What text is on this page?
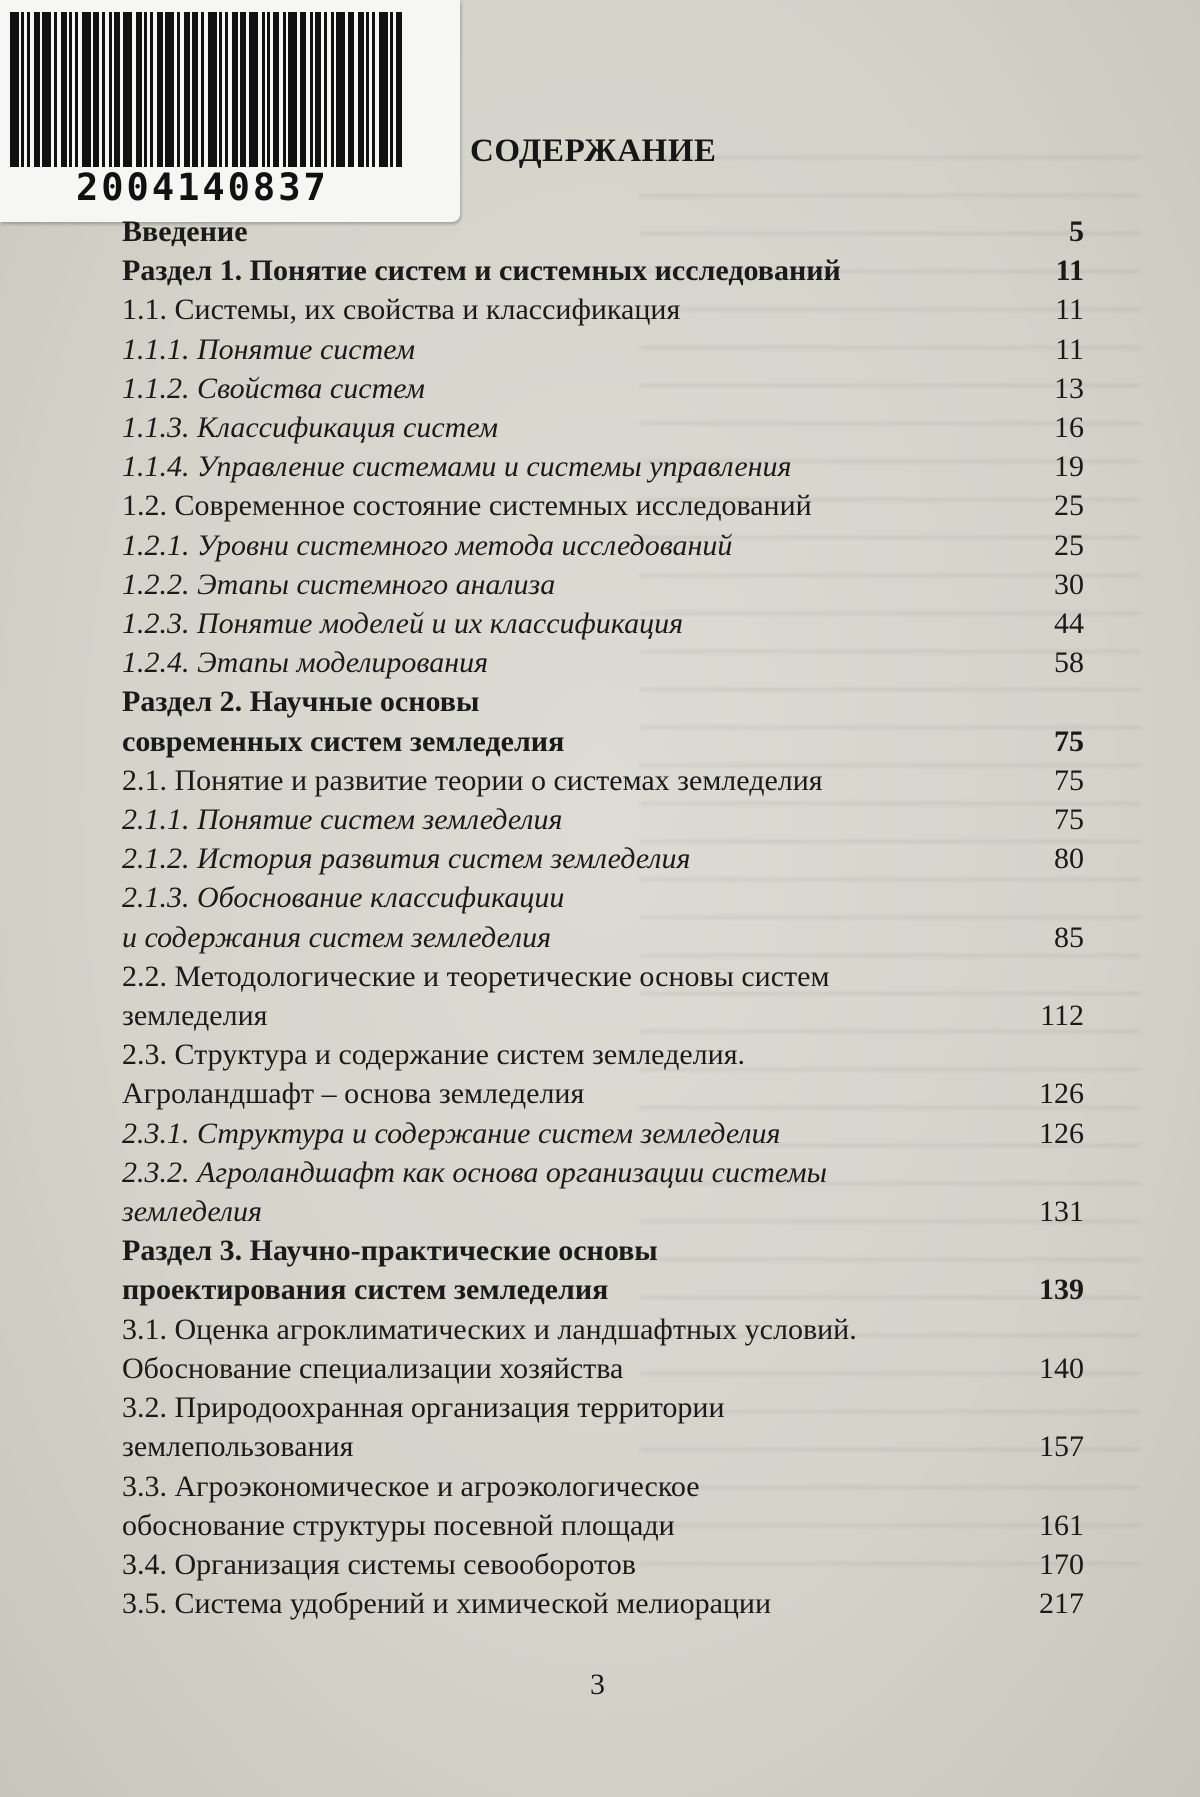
2004140837
СОДЕРЖАНИЕ
Введение	5
Раздел 1. Понятие систем и системных исследований	11
1.1. Системы, их свойства и классификация	11
1.1.1. Понятие систем	11
1.1.2. Свойства систем	13
1.1.3. Классификация систем	16
1.1.4. Управление системами и системы управления	19
1.2. Современное состояние системных исследований	25
1.2.1. Уровни системного метода исследований	25
1.2.2. Этапы системного анализа	30
1.2.3. Понятие моделей и их классификация	44
1.2.4. Этапы моделирования	58
Раздел 2. Научные основы
современных систем земледелия	75
2.1. Понятие и развитие теории о системах земледелия	75
2.1.1. Понятие систем земледелия	75
2.1.2. История развития систем земледелия	80
2.1.3. Обоснование классификации
и содержания систем земледелия	85
2.2. Методологические и теоретические основы систем
земледелия	112
2.3. Структура и содержание систем земледелия.
Агроландшафт – основа земледелия	126
2.3.1. Структура и содержание систем земледелия	126
2.3.2. Агроландшафт как основа организации системы
земледелия	131
Раздел 3. Научно-практические основы
проектирования систем земледелия	139
3.1. Оценка агроклиматических и ландшафтных условий.
Обоснование специализации хозяйства	140
3.2. Природоохранная организация территории
землепользования	157
3.3. Агроэкономическое и агроэкологическое
обоснование структуры посевной площади	161
3.4. Организация системы севооборотов	170
3.5. Система удобрений и химической мелиорации	217
3
